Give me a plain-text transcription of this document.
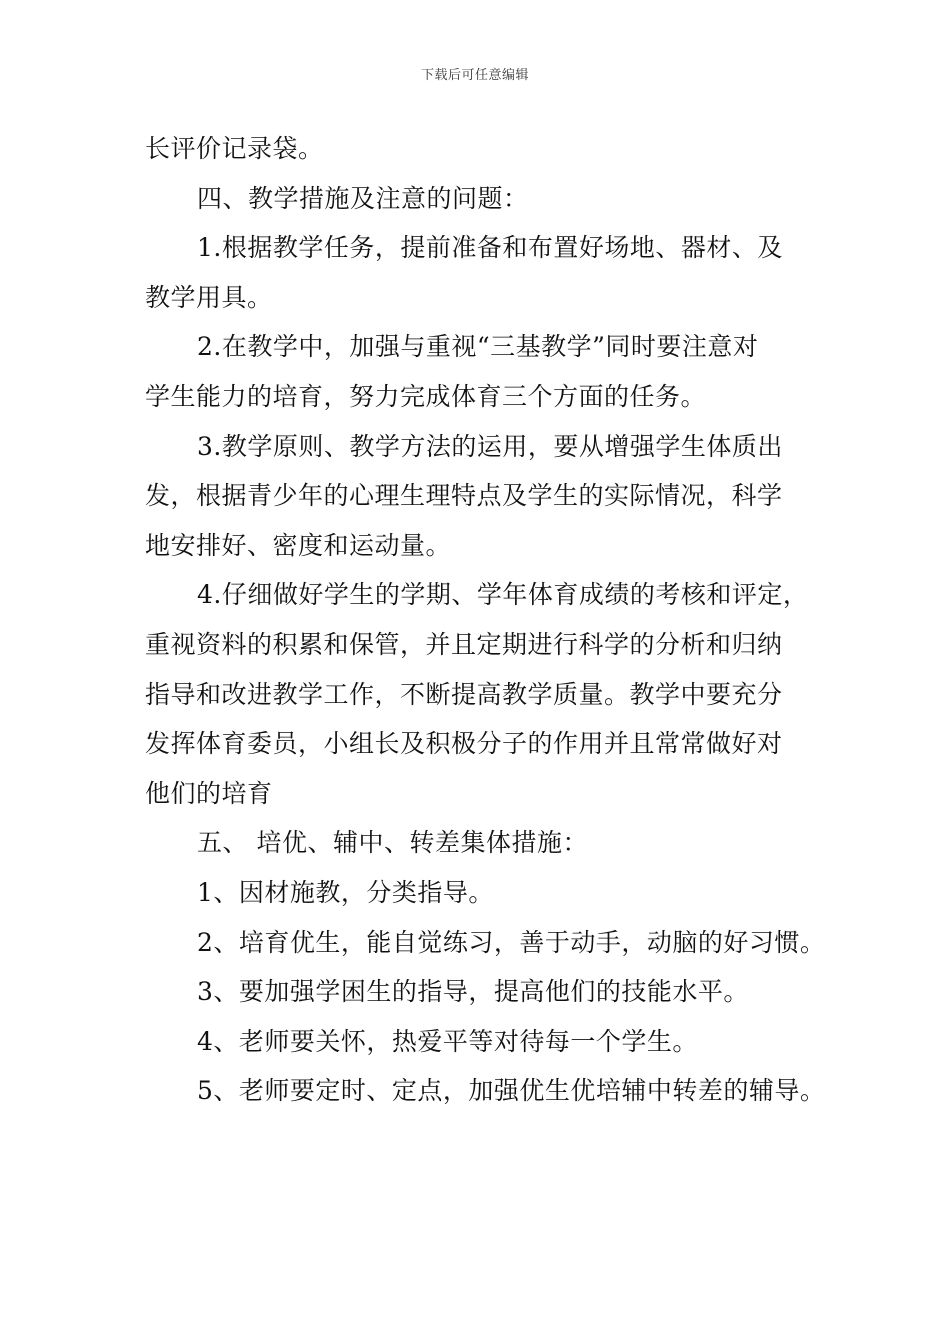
下载后可任意编辑
长评价记录袋。
四、教学措施及注意的问题：
1.根据教学任务，提前准备和布置好场地、器材、及
教学用具。
2.在教学中，加强与重视“三基教学”同时要注意对
学生能力的培育，努力完成体育三个方面的任务。
3.教学原则、教学方法的运用，要从增强学生体质出
发，根据青少年的心理生理特点及学生的实际情况，科学
地安排好、密度和运动量。
4.仔细做好学生的学期、学年体育成绩的考核和评定，
重视资料的积累和保管，并且定期进行科学的分析和归纳
指导和改进教学工作，不断提高教学质量。教学中要充分
发挥体育委员，小组长及积极分子的作用并且常常做好对
他们的培育
五、 培优、辅中、转差集体措施：
1、因材施教，分类指导。
2、培育优生，能自觉练习，善于动手，动脑的好习惯。
3、要加强学困生的指导，提高他们的技能水平。
4、老师要关怀，热爱平等对待每一个学生。
5、老师要定时、定点，加强优生优培辅中转差的辅导。
